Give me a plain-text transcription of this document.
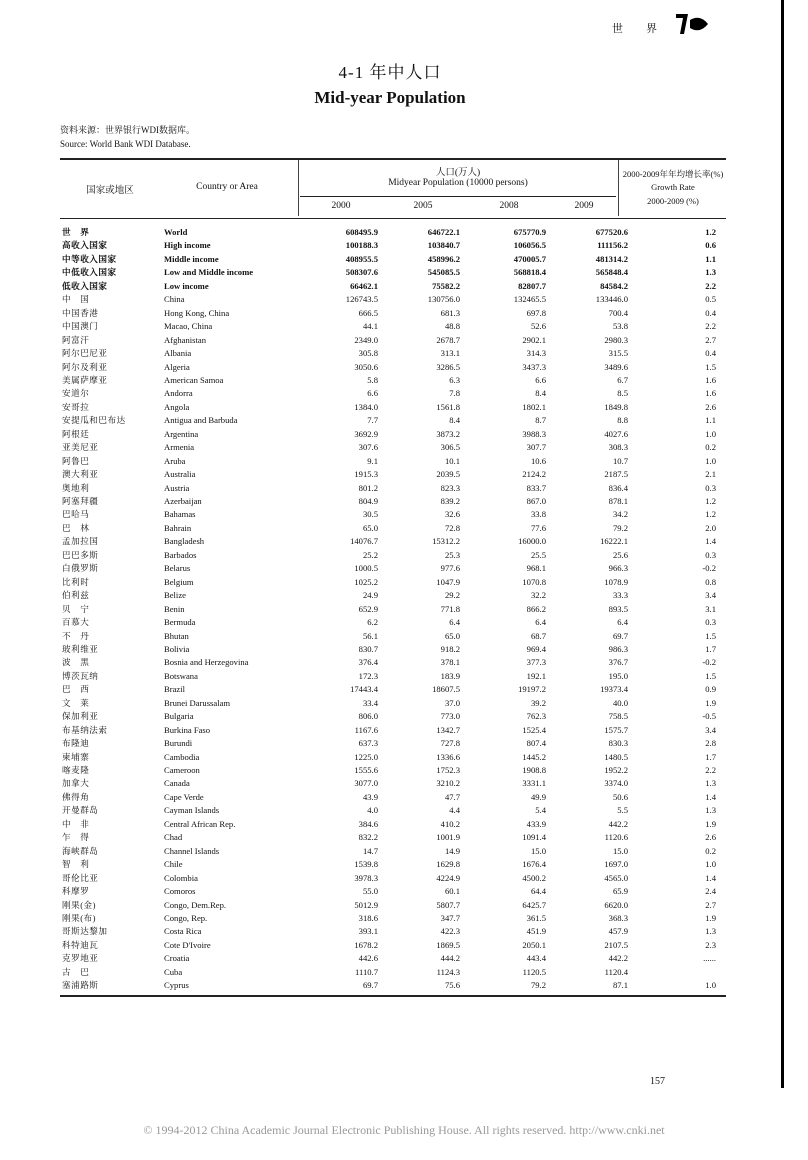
世 界
4-1 年中人口
Mid-year Population
资料来源：世界银行WDI数据库。
Source: World Bank WDI Database.
国家或地区	Country or Area
人口(万人)
Midyear Population (10000 persons)
2000	2005	2008	2009
2000-2009年年均增长率(%)
Growth Rate
2000-2009 (%)
世　界	World	608495.9	646722.1	675770.9	677520.6	1.2
高收入国家	High income	100188.3	103840.7	106056.5	111156.2	0.6
中等收入国家	Middle income	408955.5	458996.2	470005.7	481314.2	1.1
中低收入国家	Low and Middle income	508307.6	545085.5	568818.4	565848.4	1.3
低收入国家	Low income	66462.1	75582.2	82807.7	84584.2	2.2
中　国	China	126743.5	130756.0	132465.5	133446.0	0.5
中国香港	Hong Kong, China	666.5	681.3	697.8	700.4	0.4
中国澳门	Macao, China	44.1	48.8	52.6	53.8	2.2
阿富汗	Afghanistan	2349.0	2678.7	2902.1	2980.3	2.7
阿尔巴尼亚	Albania	305.8	313.1	314.3	315.5	0.4
阿尔及利亚	Algeria	3050.6	3286.5	3437.3	3489.6	1.5
美属萨摩亚	American Samoa	5.8	6.3	6.6	6.7	1.6
安道尔	Andorra	6.6	7.8	8.4	8.5	1.6
安哥拉	Angola	1384.0	1561.8	1802.1	1849.8	2.6
安提瓜和巴布达	Antigua and Barbuda	7.7	8.4	8.7	8.8	1.1
阿根廷	Argentina	3692.9	3873.2	3988.3	4027.6	1.0
亚美尼亚	Armenia	307.6	306.5	307.7	308.3	0.2
阿鲁巴	Aruba	9.1	10.1	10.6	10.7	1.0
澳大利亚	Australia	1915.3	2039.5	2124.2	2187.5	2.1
奥地利	Austria	801.2	823.3	833.7	836.4	0.3
阿塞拜疆	Azerbaijan	804.9	839.2	867.0	878.1	1.2
巴哈马	Bahamas	30.5	32.6	33.8	34.2	1.2
巴　林	Bahrain	65.0	72.8	77.6	79.2	2.0
孟加拉国	Bangladesh	14076.7	15312.2	16000.0	16222.1	1.4
巴巴多斯	Barbados	25.2	25.3	25.5	25.6	0.3
白俄罗斯	Belarus	1000.5	977.6	968.1	966.3	-0.2
比利时	Belgium	1025.2	1047.9	1070.8	1078.9	0.8
伯利兹	Belize	24.9	29.2	32.2	33.3	3.4
贝　宁	Benin	652.9	771.8	866.2	893.5	3.1
百慕大	Bermuda	6.2	6.4	6.4	6.4	0.3
不　丹	Bhutan	56.1	65.0	68.7	69.7	1.5
玻利维亚	Bolivia	830.7	918.2	969.4	986.3	1.7
波　黑	Bosnia and Herzegovina	376.4	378.1	377.3	376.7	-0.2
博茨瓦纳	Botswana	172.3	183.9	192.1	195.0	1.5
巴　西	Brazil	17443.4	18607.5	19197.2	19373.4	0.9
文　莱	Brunei Darussalam	33.4	37.0	39.2	40.0	1.9
保加利亚	Bulgaria	806.0	773.0	762.3	758.5	-0.5
布基纳法索	Burkina Faso	1167.6	1342.7	1525.4	1575.7	3.4
布隆迪	Burundi	637.3	727.8	807.4	830.3	2.8
柬埔寨	Cambodia	1225.0	1336.6	1445.2	1480.5	1.7
喀麦隆	Cameroon	1555.6	1752.3	1908.8	1952.2	2.2
加拿大	Canada	3077.0	3210.2	3331.1	3374.0	1.3
佛得角	Cape Verde	43.9	47.7	49.9	50.6	1.4
开曼群岛	Cayman Islands	4.0	4.4	5.4	5.5	1.3
中　非	Central African Rep.	384.6	410.2	433.9	442.2	1.9
乍　得	Chad	832.2	1001.9	1091.4	1120.6	2.6
海峡群岛	Channel Islands	14.7	14.9	15.0	15.0	0.2
智　利	Chile	1539.8	1629.8	1676.4	1697.0	1.0
哥伦比亚	Colombia	3978.3	4224.9	4500.2	4565.0	1.4
科摩罗	Comoros	55.0	60.1	64.4	65.9	2.4
刚果(金)	Congo, Dem.Rep.	5012.9	5807.7	6425.7	6620.0	2.7
刚果(布)	Congo, Rep.	318.6	347.7	361.5	368.3	1.9
哥斯达黎加	Costa Rica	393.1	422.3	451.9	457.9	1.3
科特迪瓦	Cote D'Ivoire	1678.2	1869.5	2050.1	2107.5	2.3
克罗地亚	Croatia	442.6	444.2	443.4	442.2	......
古　巴	Cuba	1110.7	1124.3	1120.5	1120.4
塞浦路斯	Cyprus	69.7	75.6	79.2	87.1	1.0
157
© 1994-2012 China Academic Journal Electronic Publishing House. All rights reserved. http://www.cnki.net
